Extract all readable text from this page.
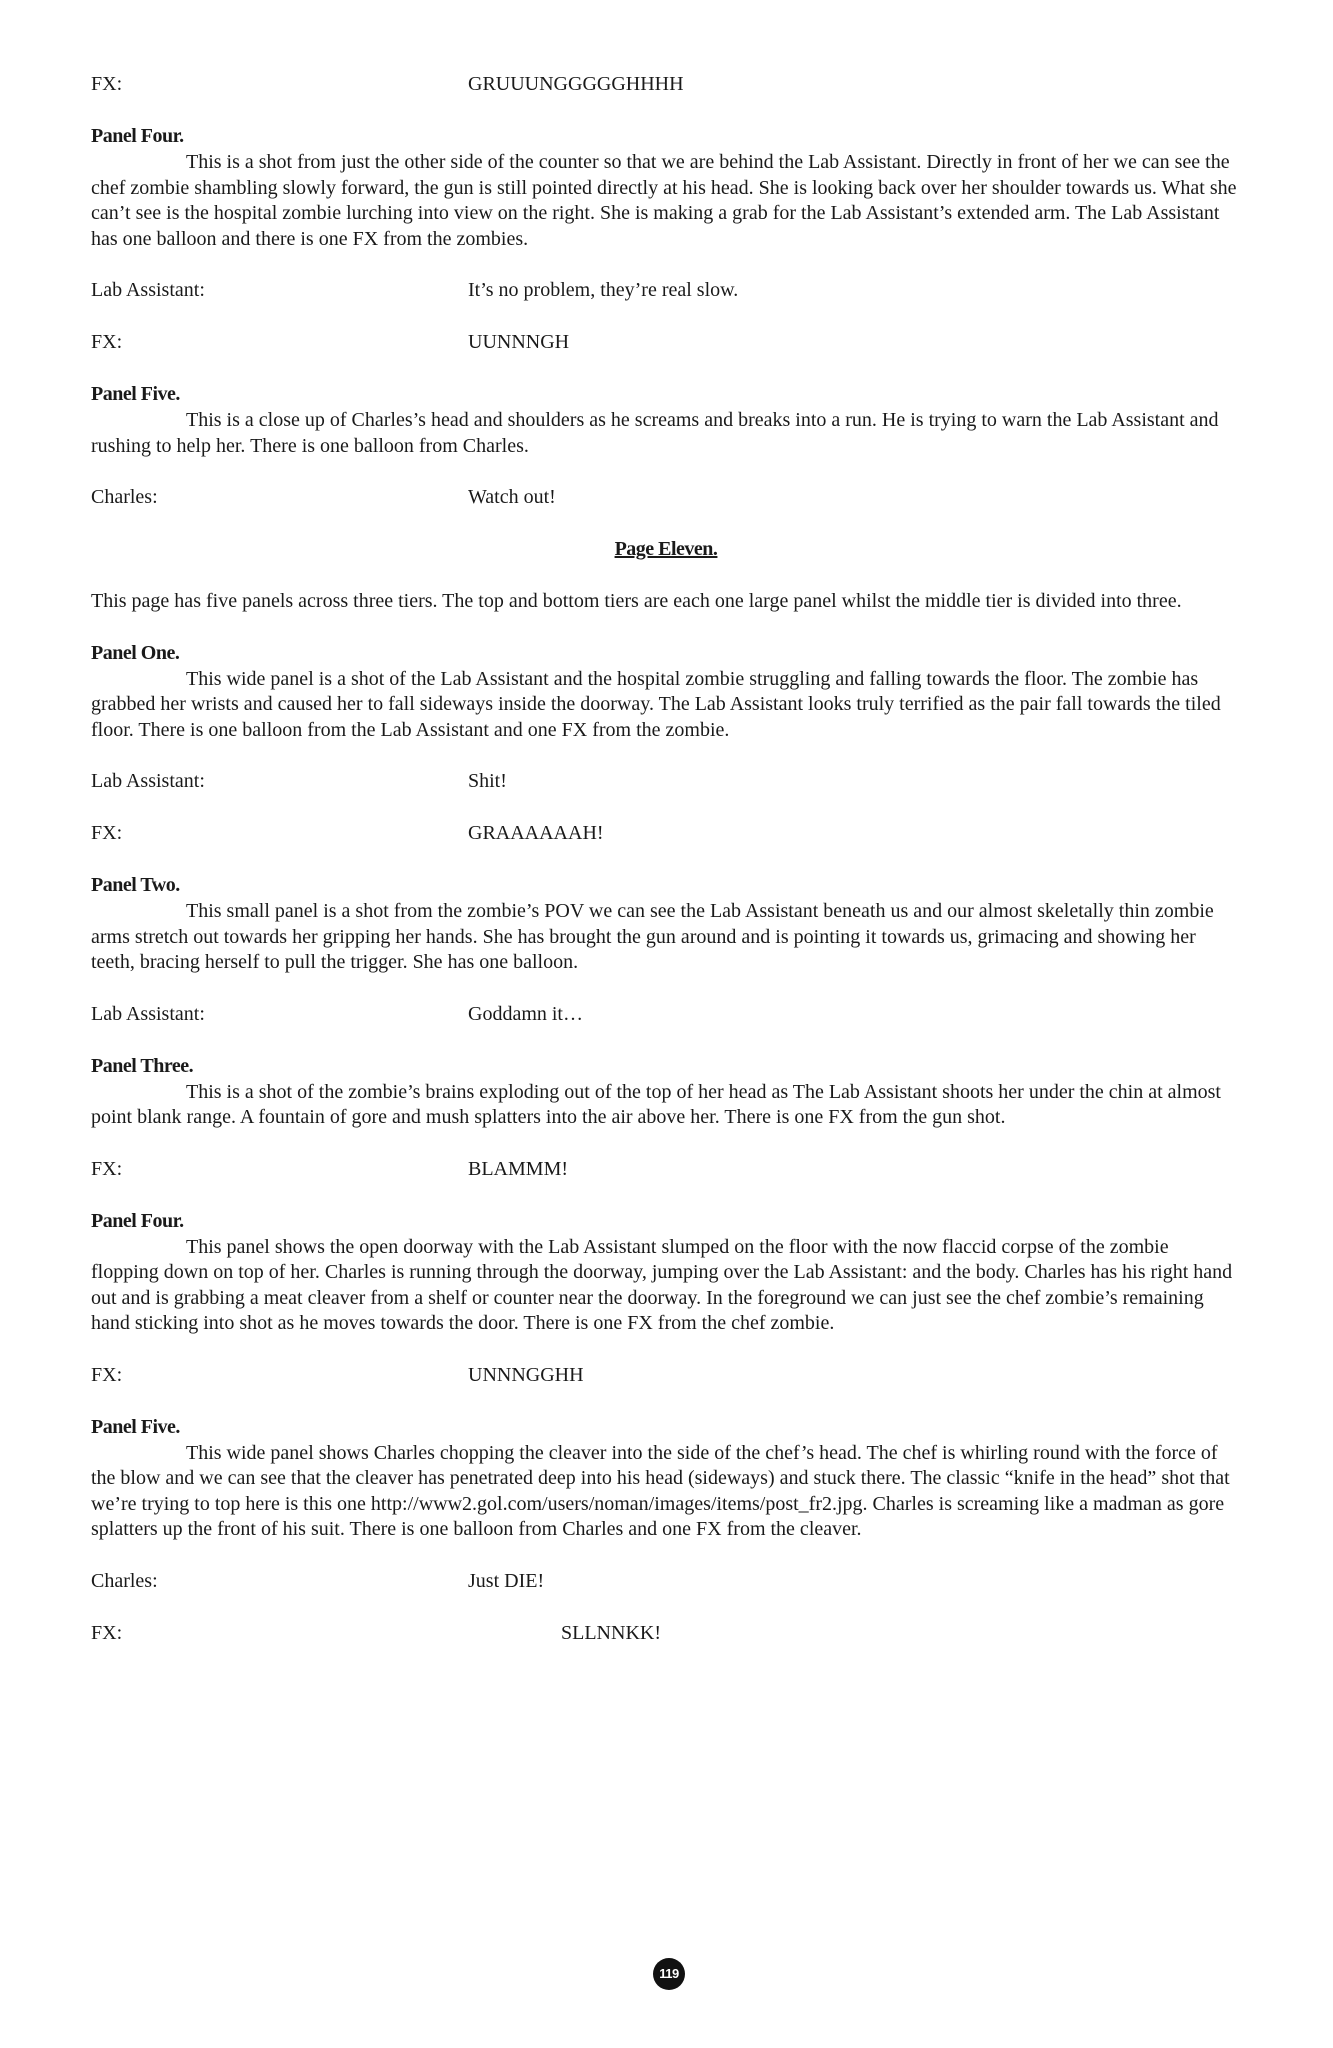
FX:	GRUUUNGGGGGHHHH
Panel Four.

This is a shot from just the other side of the counter so that we are behind the Lab Assistant. Directly in front of her we can see the chef zombie shambling slowly forward, the gun is still pointed directly at his head. She is looking back over her shoulder towards us. What she can’t see is the hospital zombie lurching into view on the right. She is making a grab for the Lab Assistant’s extended arm. The Lab Assistant has one balloon and there is one FX from the zombies.

Lab Assistant:	It’s no problem, they’re real slow.
FX:	UUNNNGH
Panel Five.

This is a close up of Charles’s head and shoulders as he screams and breaks into a run. He is trying to warn the Lab Assistant and rushing to help her. There is one balloon from Charles.

Charles:	Watch out!
Page Eleven.

This page has five panels across three tiers. The top and bottom tiers are each one large panel whilst the middle tier is divided into three.

Panel One.

This wide panel is a shot of the Lab Assistant and the hospital zombie struggling and falling towards the floor. The zombie has grabbed her wrists and caused her to fall sideways inside the doorway. The Lab Assistant looks truly terrified as the pair fall towards the tiled floor. There is one balloon from the Lab Assistant and one FX from the zombie.

Lab Assistant:	Shit!
FX:	GRAAAAAAH!
Panel Two.

This small panel is a shot from the zombie’s POV we can see the Lab Assistant beneath us and our almost skeletally thin zombie arms stretch out towards her gripping her hands. She has brought the gun around and is pointing it towards us, grimacing and showing her teeth, bracing herself to pull the trigger. She has one balloon.

Lab Assistant:	Goddamn it…
Panel Three.

This is a shot of the zombie’s brains exploding out of the top of her head as The Lab Assistant shoots her under the chin at almost point blank range. A fountain of gore and mush splatters into the air above her. There is one FX from the gun shot.

FX:	BLAMMM!
Panel Four.

This panel shows the open doorway with the Lab Assistant slumped on the floor with the now flaccid corpse of the zombie flopping down on top of her. Charles is running through the doorway, jumping over the Lab Assistant: and the body. Charles has his right hand out and is grabbing a meat cleaver from a shelf or counter near the doorway. In the foreground we can just see the chef zombie’s remaining hand sticking into shot as he moves towards the door. There is one FX from the chef zombie.

FX:	UNNNGGHH
Panel Five.

This wide panel shows Charles chopping the cleaver into the side of the chef’s head. The chef is whirling round with the force of the blow and we can see that the cleaver has penetrated deep into his head (sideways) and stuck there. The classic “knife in the head” shot that we’re trying to top here is this one http://www2.gol.com/users/noman/images/items/post_fr2.jpg. Charles is screaming like a madman as gore splatters up the front of his suit. There is one balloon from Charles and one FX from the cleaver.

Charles:	Just DIE!
FX:	SLLNNKK!
119
